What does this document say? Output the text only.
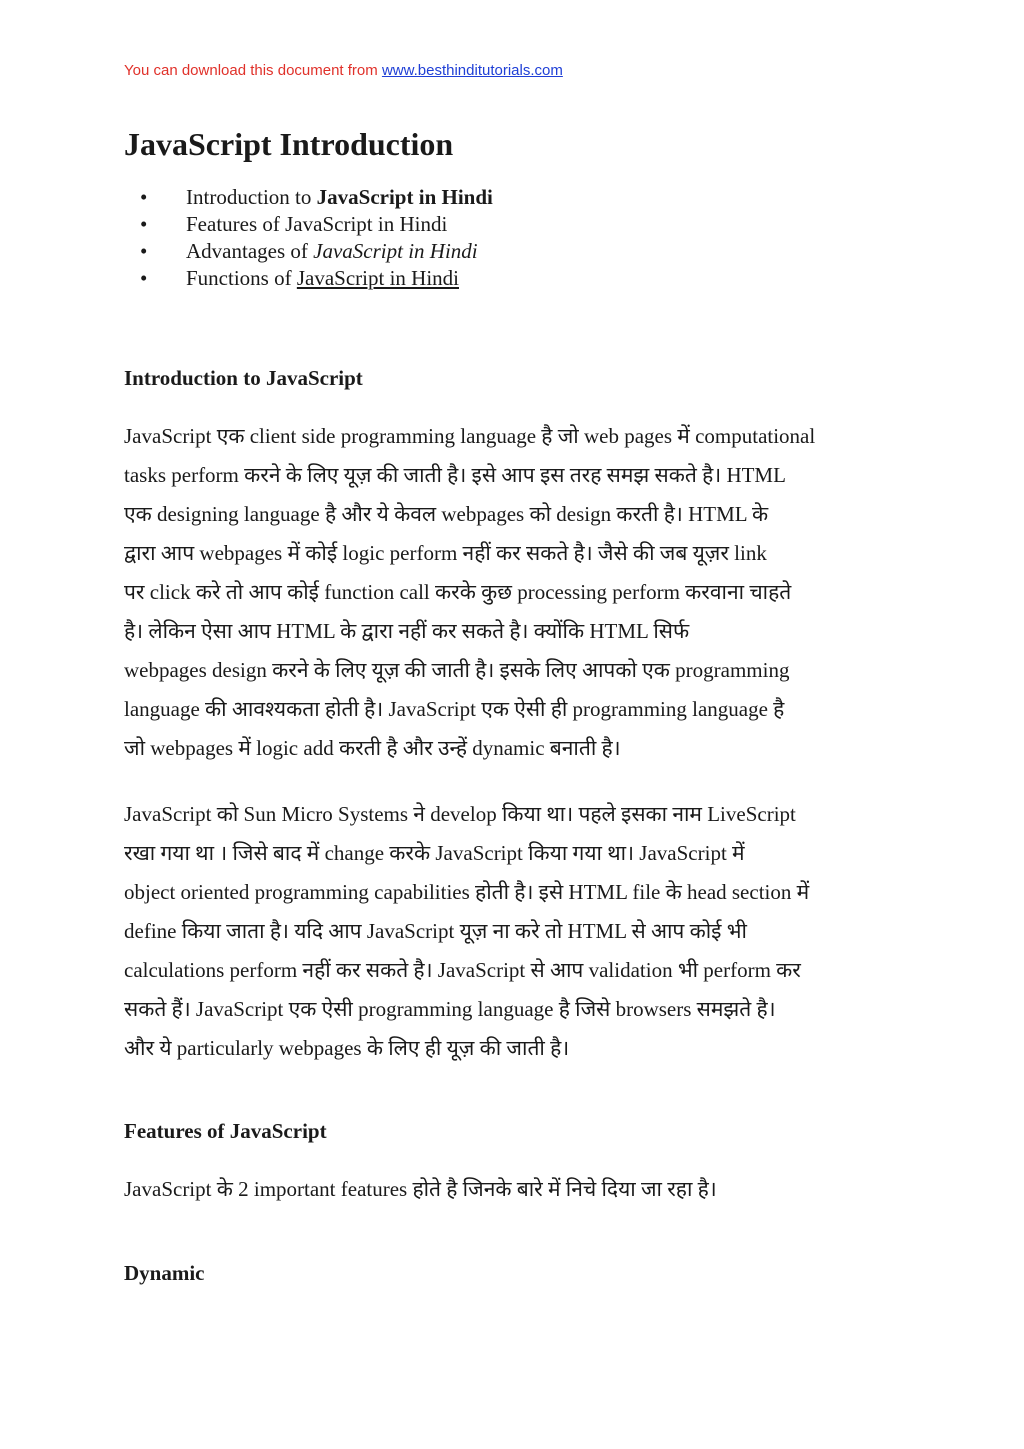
You can download this document from www.besthinditutorials.com
JavaScript Introduction
• Introduction to JavaScript in Hindi
• Features of JavaScript in Hindi
• Advantages of JavaScript in Hindi
• Functions of JavaScript in Hindi
Introduction to JavaScript
JavaScript एक client side programming language है जो web pages में computational
tasks perform करने के लिए यूज़ की जाती है। इसे आप इस तरह समझ सकते है। HTML
एक designing language है और ये केवल webpages को design करती है। HTML के
द्वारा आप webpages में कोई logic perform नहीं कर सकते है। जैसे की जब यूज़र link
पर click करे तो आप कोई function call करके कुछ processing perform करवाना चाहते
है। लेकिन ऐसा आप HTML के द्वारा नहीं कर सकते है। क्योंकि HTML सिर्फ
webpages design करने के लिए यूज़ की जाती है। इसके लिए आपको एक programming
language की आवश्यकता होती है। JavaScript एक ऐसी ही programming language है
जो webpages में logic add करती है और उन्हें dynamic बनाती है।
JavaScript को Sun Micro Systems ने develop किया था। पहले इसका नाम LiveScript
रखा गया था । जिसे बाद में change करके JavaScript किया गया था। JavaScript में
object oriented programming capabilities होती है। इसे HTML file के head section में
define किया जाता है। यदि आप JavaScript यूज़ ना करे तो HTML से आप कोई भी
calculations perform नहीं कर सकते है। JavaScript से आप validation भी perform कर
सकते हैं। JavaScript एक ऐसी programming language है जिसे browsers समझते है।
और ये particularly webpages के लिए ही यूज़ की जाती है।
Features of JavaScript
JavaScript के 2 important features होते है जिनके बारे में निचे दिया जा रहा है।
Dynamic
